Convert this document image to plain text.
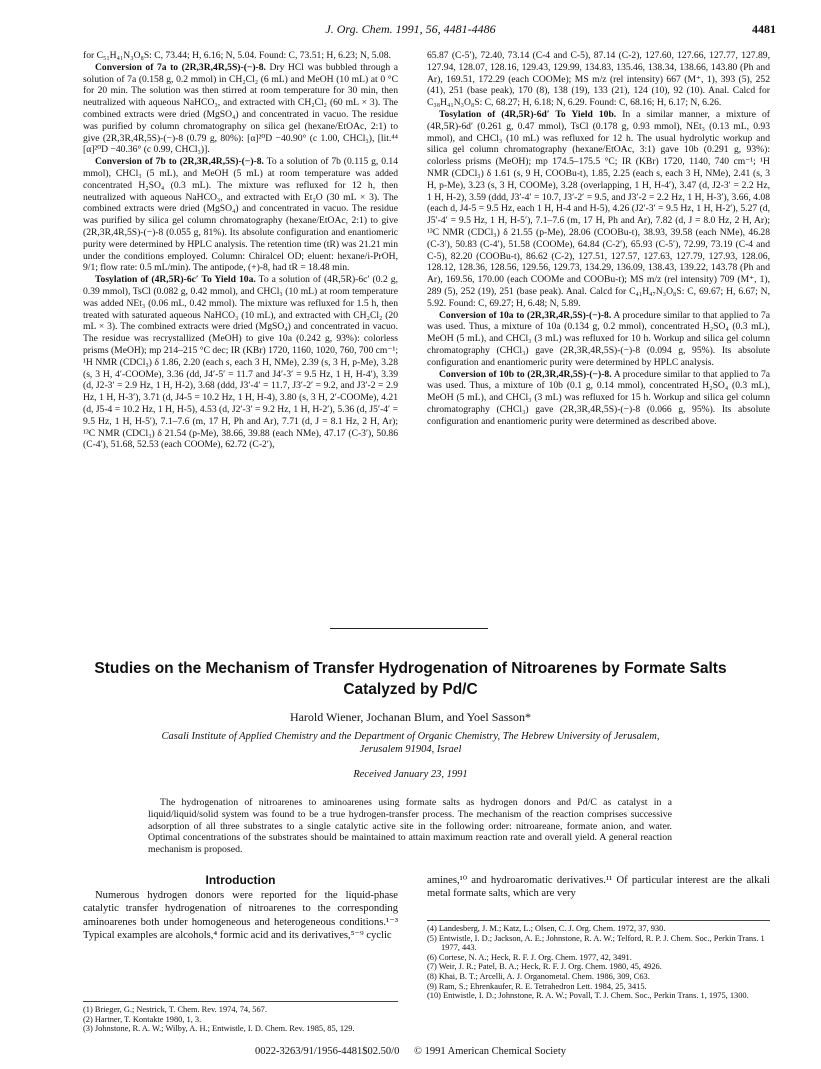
J. Org. Chem. 1991, 56, 4481-4486	4481

for C₅₁H₄₁N₃O₈S: C, 73.44; H, 6.16; N, 5.04. Found: C, 73.51; H, 6.23; N, 5.08.

Conversion of 7a to (2R,3R,4R,5S)-(−)-8. Dry HCl was bubbled through a solution of 7a (0.158 g, 0.2 mmol) in CH₂Cl₂ (6 mL) and MeOH (10 mL) at 0 °C for 20 min. The solution was then stirred at room temperature for 30 min, then neutralized with aqueous NaHCO₃, and extracted with CH₂Cl₂ (60 mL × 3). The combined extracts were dried (MgSO₄) and concentrated in vacuo. The residue was purified by column chromatography on silica gel (hexane/EtOAc, 2:1) to give (2R,3R,4R,5S)-(−)-8 (0.79 g, 80%): [α]²⁰D −40.90° (c 1.00, CHCl₃), [lit.⁴⁴ [α]²⁰D −40.36° (c 0.99, CHCl₃)].

Conversion of 7b to (2R,3R,4R,5S)-(−)-8. To a solution of 7b (0.115 g, 0.14 mmol), CHCl₃ (5 mL), and MeOH (5 mL) at room temperature was added concentrated H₂SO₄ (0.3 mL). The mixture was refluxed for 12 h, then neutralized with aqueous NaHCO₃, and extracted with Et₂O (30 mL × 3). The combined extracts were dried (MgSO₄) and concentrated in vacuo. The residue was purified by silica gel column chromatography (hexane/EtOAc, 2:1) to give (2R,3R,4R,5S)-(−)-8 (0.055 g, 81%). Its absolute configuration and enantiomeric purity were determined by HPLC analysis. The retention time (tR) was 21.21 min under the conditions employed. Column: Chiralcel OD; eluent: hexane/i-PrOH, 9/1; flow rate: 0.5 mL/min). The antipode, (+)-8, had tR = 18.48 min.

Tosylation of (4R,5R)-6c′ To Yield 10a. To a solution of (4R,5R)-6c′ (0.2 g, 0.39 mmol), TsCl (0.082 g, 0.42 mmol), and CHCl₃ (10 mL) at room temperature was added NEt₃ (0.06 mL, 0.42 mmol). The mixture was refluxed for 1.5 h, then treated with saturated aqueous NaHCO₃ (10 mL), and extracted with CH₂Cl₂ (20 mL × 3). The combined extracts were dried (MgSO₄) and concentrated in vacuo. The residue was recrystallized (MeOH) to give 10a (0.242 g, 93%): colorless prisms (MeOH); mp 214–215 °C dec; IR (KBr) 1720, 1160, 1020, 760, 700 cm⁻¹; ¹H NMR (CDCl₃) δ 1.86, 2.20 (each s, each 3 H, NMe), 2.39 (s, 3 H, p-Me), 3.28 (s, 3 H, 4′-COOMe), 3.36 (dd, J4′-5′ = 11.7 and J4′-3′ = 9.5 Hz, 1 H, H-4′), 3.39 (d, J2-3′ = 2.9 Hz, 1 H, H-2), 3.68 (ddd, J3′-4′ = 11.7, J3′-2′ = 9.2, and J3′-2 = 2.9 Hz, 1 H, H-3′), 3.71 (d, J4-5 = 10.2 Hz, 1 H, H-4), 3.80 (s, 3 H, 2′-COOMe), 4.21 (d, J5-4 = 10.2 Hz, 1 H, H-5), 4.53 (d, J2′-3′ = 9.2 Hz, 1 H, H-2′), 5.36 (d, J5′-4′ = 9.5 Hz, 1 H, H-5′), 7.1–7.6 (m, 17 H, Ph and Ar), 7.71 (d, J = 8.1 Hz, 2 H, Ar); ¹³C NMR (CDCl₃) δ 21.54 (p-Me), 38.66, 39.88 (each NMe), 47.17 (C-3′), 50.86 (C-4′), 51.68, 52.53 (each COOMe), 62.72 (C-2′),

65.87 (C-5′), 72.40, 73.14 (C-4 and C-5), 87.14 (C-2), 127.60, 127.66, 127.77, 127.89, 127.94, 128.07, 128.16, 129.43, 129.99, 134.83, 135.46, 138.34, 138.66, 143.80 (Ph and Ar), 169.51, 172.29 (each COOMe); MS m/z (rel intensity) 667 (M⁺, 1), 393 (5), 252 (41), 251 (base peak), 170 (8), 138 (19), 133 (21), 124 (10), 92 (10). Anal. Calcd for C₃₈H₄₁N₃O₈S: C, 68.27; H, 6.18; N, 6.29. Found: C, 68.16; H, 6.17; N, 6.26.

Tosylation of (4R,5R)-6d′ To Yield 10b. In a similar manner, a mixture of (4R,5R)-6d′ (0.261 g, 0.47 mmol), TsCl (0.178 g, 0.93 mmol), NEt₃ (0.13 mL, 0.93 mmol), and CHCl₃ (10 mL) was refluxed for 12 h. The usual hydrolytic workup and silica gel column chromatography (hexane/EtOAc, 3:1) gave 10b (0.291 g, 93%): colorless prisms (MeOH); mp 174.5–175.5 °C; IR (KBr) 1720, 1140, 740 cm⁻¹; ¹H NMR (CDCl₃) δ 1.61 (s, 9 H, COOBu-t), 1.85, 2.25 (each s, each 3 H, NMe), 2.41 (s, 3 H, p-Me), 3.23 (s, 3 H, COOMe), 3.28 (overlapping, 1 H, H-4′), 3.47 (d, J2-3′ = 2.2 Hz, 1 H, H-2), 3.59 (ddd, J3′-4′ = 10.7, J3′-2′ = 9.5, and J3′-2 = 2.2 Hz, 1 H, H-3′), 3.66, 4.08 (each d, J4-5 = 9.5 Hz, each 1 H, H-4 and H-5), 4.26 (J2′-3′ = 9.5 Hz, 1 H, H-2′), 5.27 (d, J5′-4′ = 9.5 Hz, 1 H, H-5′), 7.1–7.6 (m, 17 H, Ph and Ar), 7.82 (d, J = 8.0 Hz, 2 H, Ar); ¹³C NMR (CDCl₃) δ 21.55 (p-Me), 28.06 (COOBu-t), 38.93, 39.58 (each NMe), 46.28 (C-3′), 50.83 (C-4′), 51.58 (COOMe), 64.84 (C-2′), 65.93 (C-5′), 72.99, 73.19 (C-4 and C-5), 82.20 (COOBu-t), 86.62 (C-2), 127.51, 127.57, 127.63, 127.79, 127.93, 128.06, 128.12, 128.36, 128.56, 129.56, 129.73, 134.29, 136.09, 138.43, 139.22, 143.78 (Ph and Ar), 169.56, 170.00 (each COOMe and COOBu-t); MS m/z (rel intensity) 709 (M⁺, 1), 289 (5), 252 (19), 251 (base peak). Anal. Calcd for C₄₁H₄₇N₃O₈S: C, 69.67; H, 6.67; N, 5.92. Found: C, 69.27; H, 6.48; N, 5.89.

Conversion of 10a to (2R,3R,4R,5S)-(−)-8. A procedure similar to that applied to 7a was used. Thus, a mixture of 10a (0.134 g, 0.2 mmol), concentrated H₂SO₄ (0.3 mL), MeOH (5 mL), and CHCl₃ (3 mL) was refluxed for 10 h. Workup and silica gel column chromatography (CHCl₃) gave (2R,3R,4R,5S)-(−)-8 (0.094 g, 95%). Its absolute configuration and enantiomeric purity were determined by HPLC analysis.

Conversion of 10b to (2R,3R,4R,5S)-(−)-8. A procedure similar to that applied to 7a was used. Thus, a mixture of 10b (0.1 g, 0.14 mmol), concentrated H₂SO₄ (0.3 mL), MeOH (5 mL), and CHCl₃ (3 mL) was refluxed for 15 h. Workup and silica gel column chromatography (CHCl₃) gave (2R,3R,4R,5S)-(−)-8 (0.066 g, 95%). Its absolute configuration and enantiomeric purity were determined as described above.

Studies on the Mechanism of Transfer Hydrogenation of Nitroarenes by Formate Salts Catalyzed by Pd/C
Harold Wiener, Jochanan Blum, and Yoel Sasson*
Casali Institute of Applied Chemistry and the Department of Organic Chemistry, The Hebrew University of Jerusalem, Jerusalem 91904, Israel
Received January 23, 1991
The hydrogenation of nitroarenes to aminoarenes using formate salts as hydrogen donors and Pd/C as catalyst in a liquid/liquid/solid system was found to be a true hydrogen-transfer process. The mechanism of the reaction comprises successive adsorption of all three substrates to a single catalytic active site in the following order: nitroareane, formate anion, and water. Optimal concentrations of the substrates should be maintained to attain maximum reaction rate and overall yield. A general reaction mechanism is proposed.
Introduction

Numerous hydrogen donors were reported for the liquid-phase catalytic transfer hydrogenation of nitroarenes to the corresponding aminoarenes both under homogeneous and heterogeneous conditions.¹⁻³ Typical examples are alcohols,⁴ formic acid and its derivatives,⁵⁻⁹ cyclic

amines,¹⁰ and hydroaromatic derivatives.¹¹ Of particular interest are the alkali metal formate salts, which are very
(1) Brieger, G.; Nestrick, T. Chem. Rev. 1974, 74, 567.
(2) Hartner, T. Kontakte 1980, 1, 3.
(3) Johnstone, R. A. W.; Wilby, A. H.; Entwistle, I. D. Chem. Rev. 1985, 85, 129.
(4) Landesberg, J. M.; Katz, L.; Olsen, C. J. Org. Chem. 1972, 37, 930.
(5) Entwistle, I. D.; Jackson, A. E.; Johnstone, R. A. W.; Telford, R. P. J. Chem. Soc., Perkin Trans. 1 1977, 443.
(6) Cortese, N. A.; Heck, R. F. J. Org. Chem. 1977, 42, 3491.
(7) Weir, J. R.; Patel, B. A.; Heck, R. F. J. Org. Chem. 1980, 45, 4926.
(8) Khai, B. T.; Arcelli, A. J. Organometal. Chem. 1986, 309, C63.
(9) Ram, S.; Ehrenkaufer, R. E. Tetrahedron Lett. 1984, 25, 3415.
(10) Entwistle, I. D.; Johnstone, R. A. W.; Povall, T. J. Chem. Soc., Perkin Trans. 1, 1975, 1300.
0022-3263/91/1956-4481$02.50/0 © 1991 American Chemical Society
